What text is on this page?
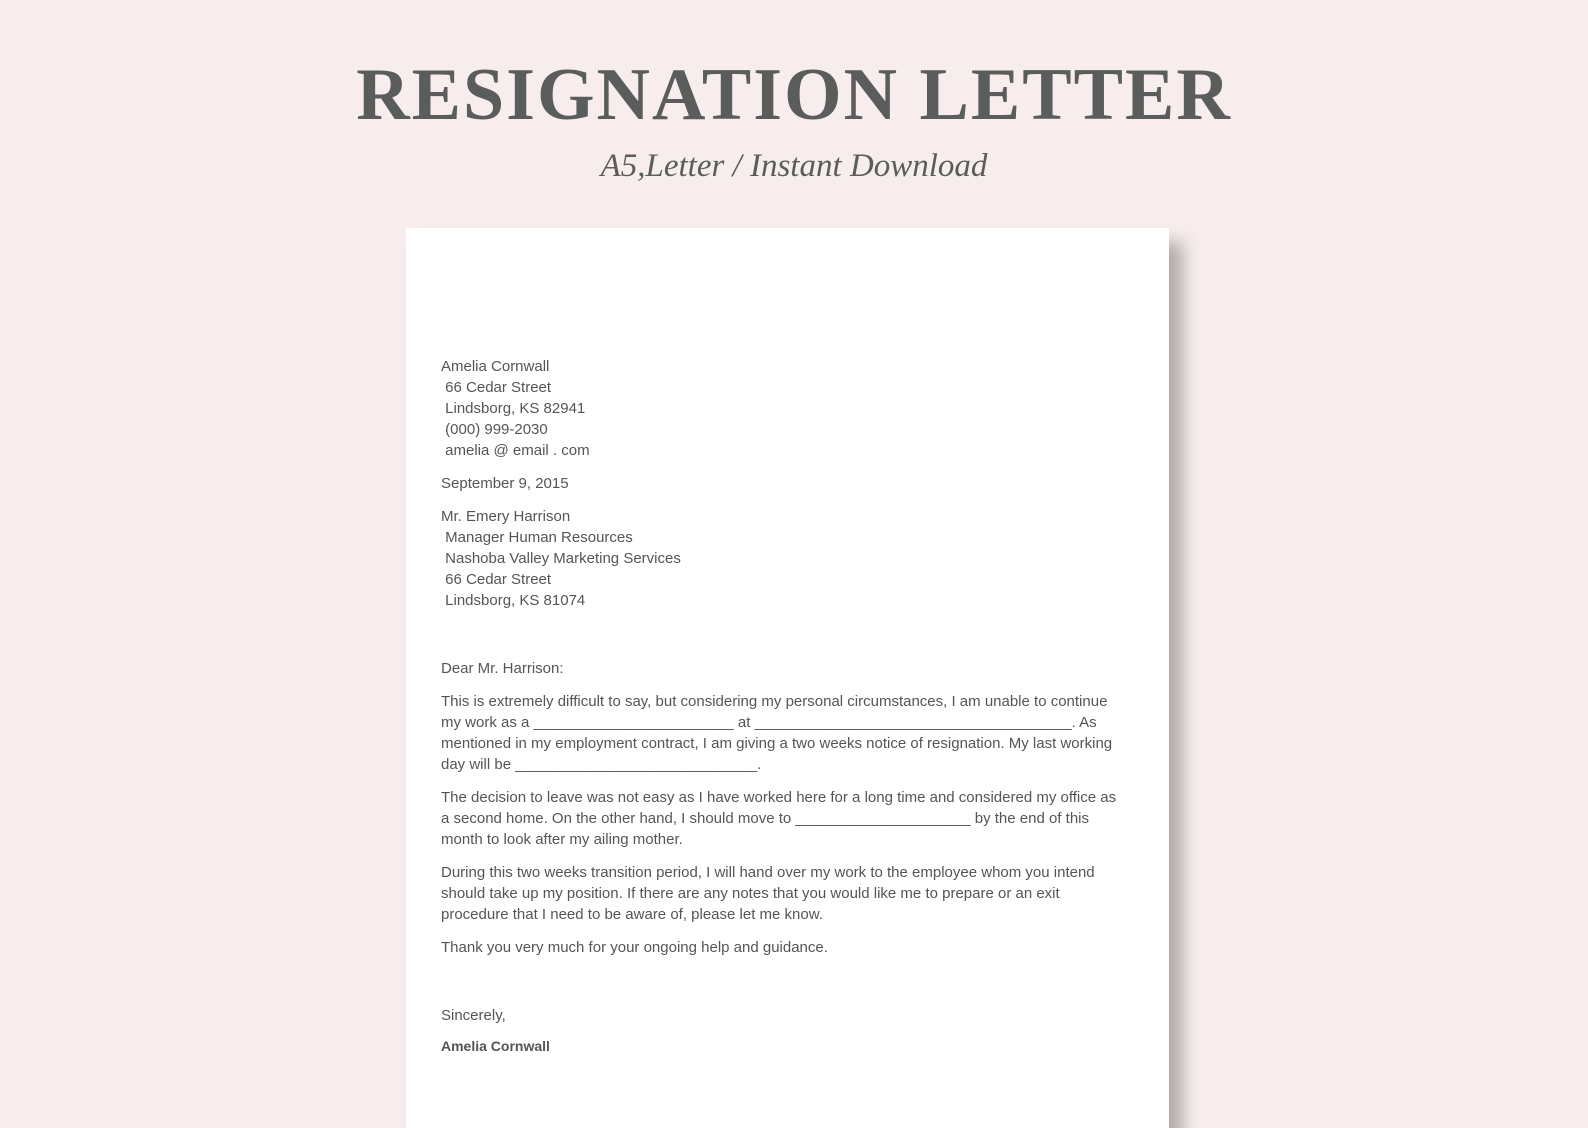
RESIGNATION LETTER

A5,Letter / Instant Download

Amelia Cornwall
66 Cedar Street
Lindsborg, KS 82941
(000) 999-2030
amelia @ email . com
September 9, 2015
Mr. Emery Harrison
Manager Human Resources
Nashoba Valley Marketing Services
66 Cedar Street
Lindsborg, KS 81074
Dear Mr. Harrison:
This is extremely difficult to say, but considering my personal circumstances, I am unable to continue
my work as a ________________________ at ______________________________________. As
mentioned in my employment contract, I am giving a two weeks notice of resignation. My last working
day will be _____________________________.
The decision to leave was not easy as I have worked here for a long time and considered my office as
a second home. On the other hand, I should move to _____________________ by the end of this
month to look after my ailing mother.
During this two weeks transition period, I will hand over my work to the employee whom you intend
should take up my position. If there are any notes that you would like me to prepare or an exit
procedure that I need to be aware of, please let me know.
Thank you very much for your ongoing help and guidance.
Sincerely,
Amelia Cornwall
